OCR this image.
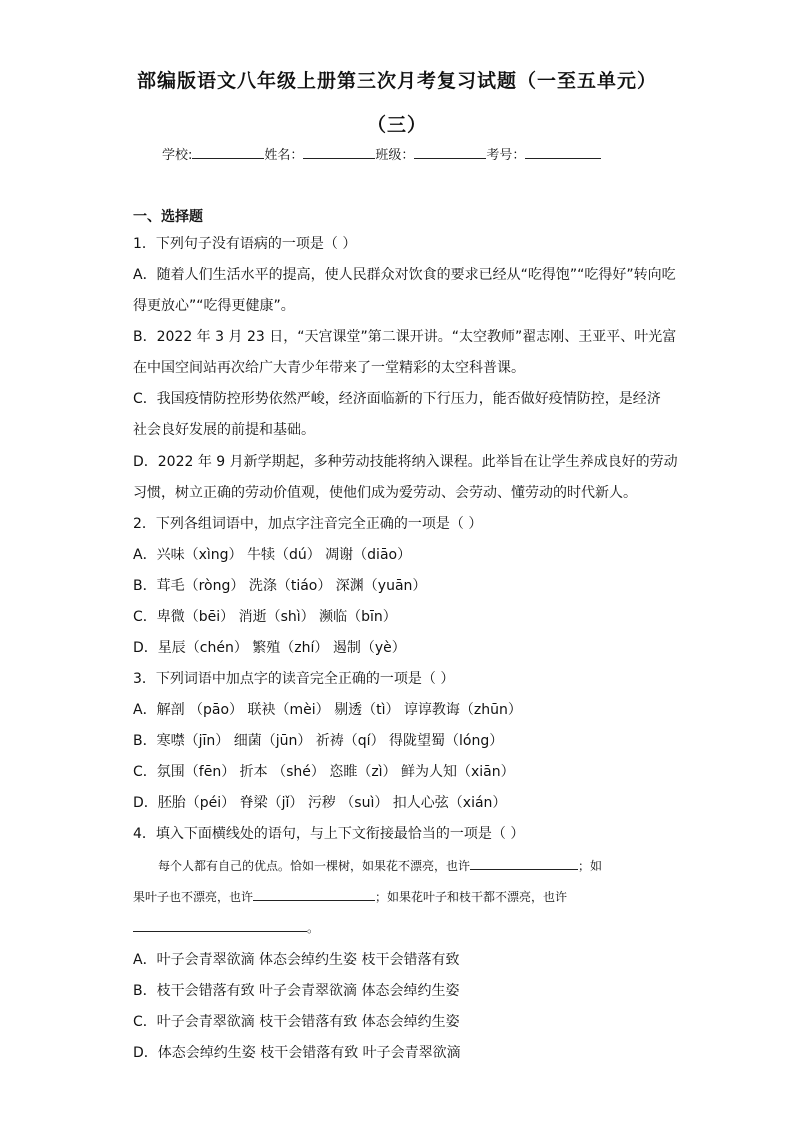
部编版语文八年级上册第三次月考复习试题（一至五单元）
（三）
学校:	姓名：	班级：	考号：
一、选择题
1．下列句子没有语病的一项是（ ）
A．随着人们生活水平的提高，使人民群众对饮食的要求已经从“吃得饱”“吃得好”转向吃
得更放心”“吃得更健康”。
B．2022 年 3 月 23 日，“天宫课堂”第二课开讲。“太空教师”翟志刚、王亚平、叶光富
在中国空间站再次给广大青少年带来了一堂精彩的太空科普课。
C．我国疫情防控形势依然严峻，经济面临新的下行压力，能否做好疫情防控，是经济
社会良好发展的前提和基础。
D．2022 年 9 月新学期起，多种劳动技能将纳入课程。此举旨在让学生养成良好的劳动
习惯，树立正确的劳动价值观，使他们成为爱劳动、会劳动、懂劳动的时代新人。
2．下列各组词语中，加点字注音完全正确的一项是（ ）
A．兴味（xìng） 牛犊（dú） 凋谢（diāo）
B．茸毛（ròng） 洗涤（tiáo） 深渊（yuān）
C．卑微（bēi） 消逝（shì） 濒临（bīn）
D．星辰（chén） 繁殖（zhí） 遏制（yè）
3．下列词语中加点字的读音完全正确的一项是（ ）
A．解剖 （pāo） 联袂（mèi） 剔透（tì） 谆谆教诲（zhūn）
B．寒噤（jīn） 细菌（jūn） 祈祷（qí） 得陇望蜀（lóng）
C．氛围（fēn） 折本 （shé） 恣睢（zì） 鲜为人知（xiān）
D．胚胎（péi） 脊梁（jǐ） 污秽 （suì） 扣人心弦（xián）
4．填入下面横线处的语句，与上下文衔接最恰当的一项是（ ）
每个人都有自己的优点。恰如一棵树，如果花不漂亮，也许	；如
果叶子也不漂亮，也许	；如果花叶子和枝干都不漂亮，也许
。
A．叶子会青翠欲滴 体态会绰约生姿 枝干会错落有致
B．枝干会错落有致 叶子会青翠欲滴 体态会绰约生姿
C．叶子会青翠欲滴 枝干会错落有致 体态会绰约生姿
D．体态会绰约生姿 枝干会错落有致 叶子会青翠欲滴
